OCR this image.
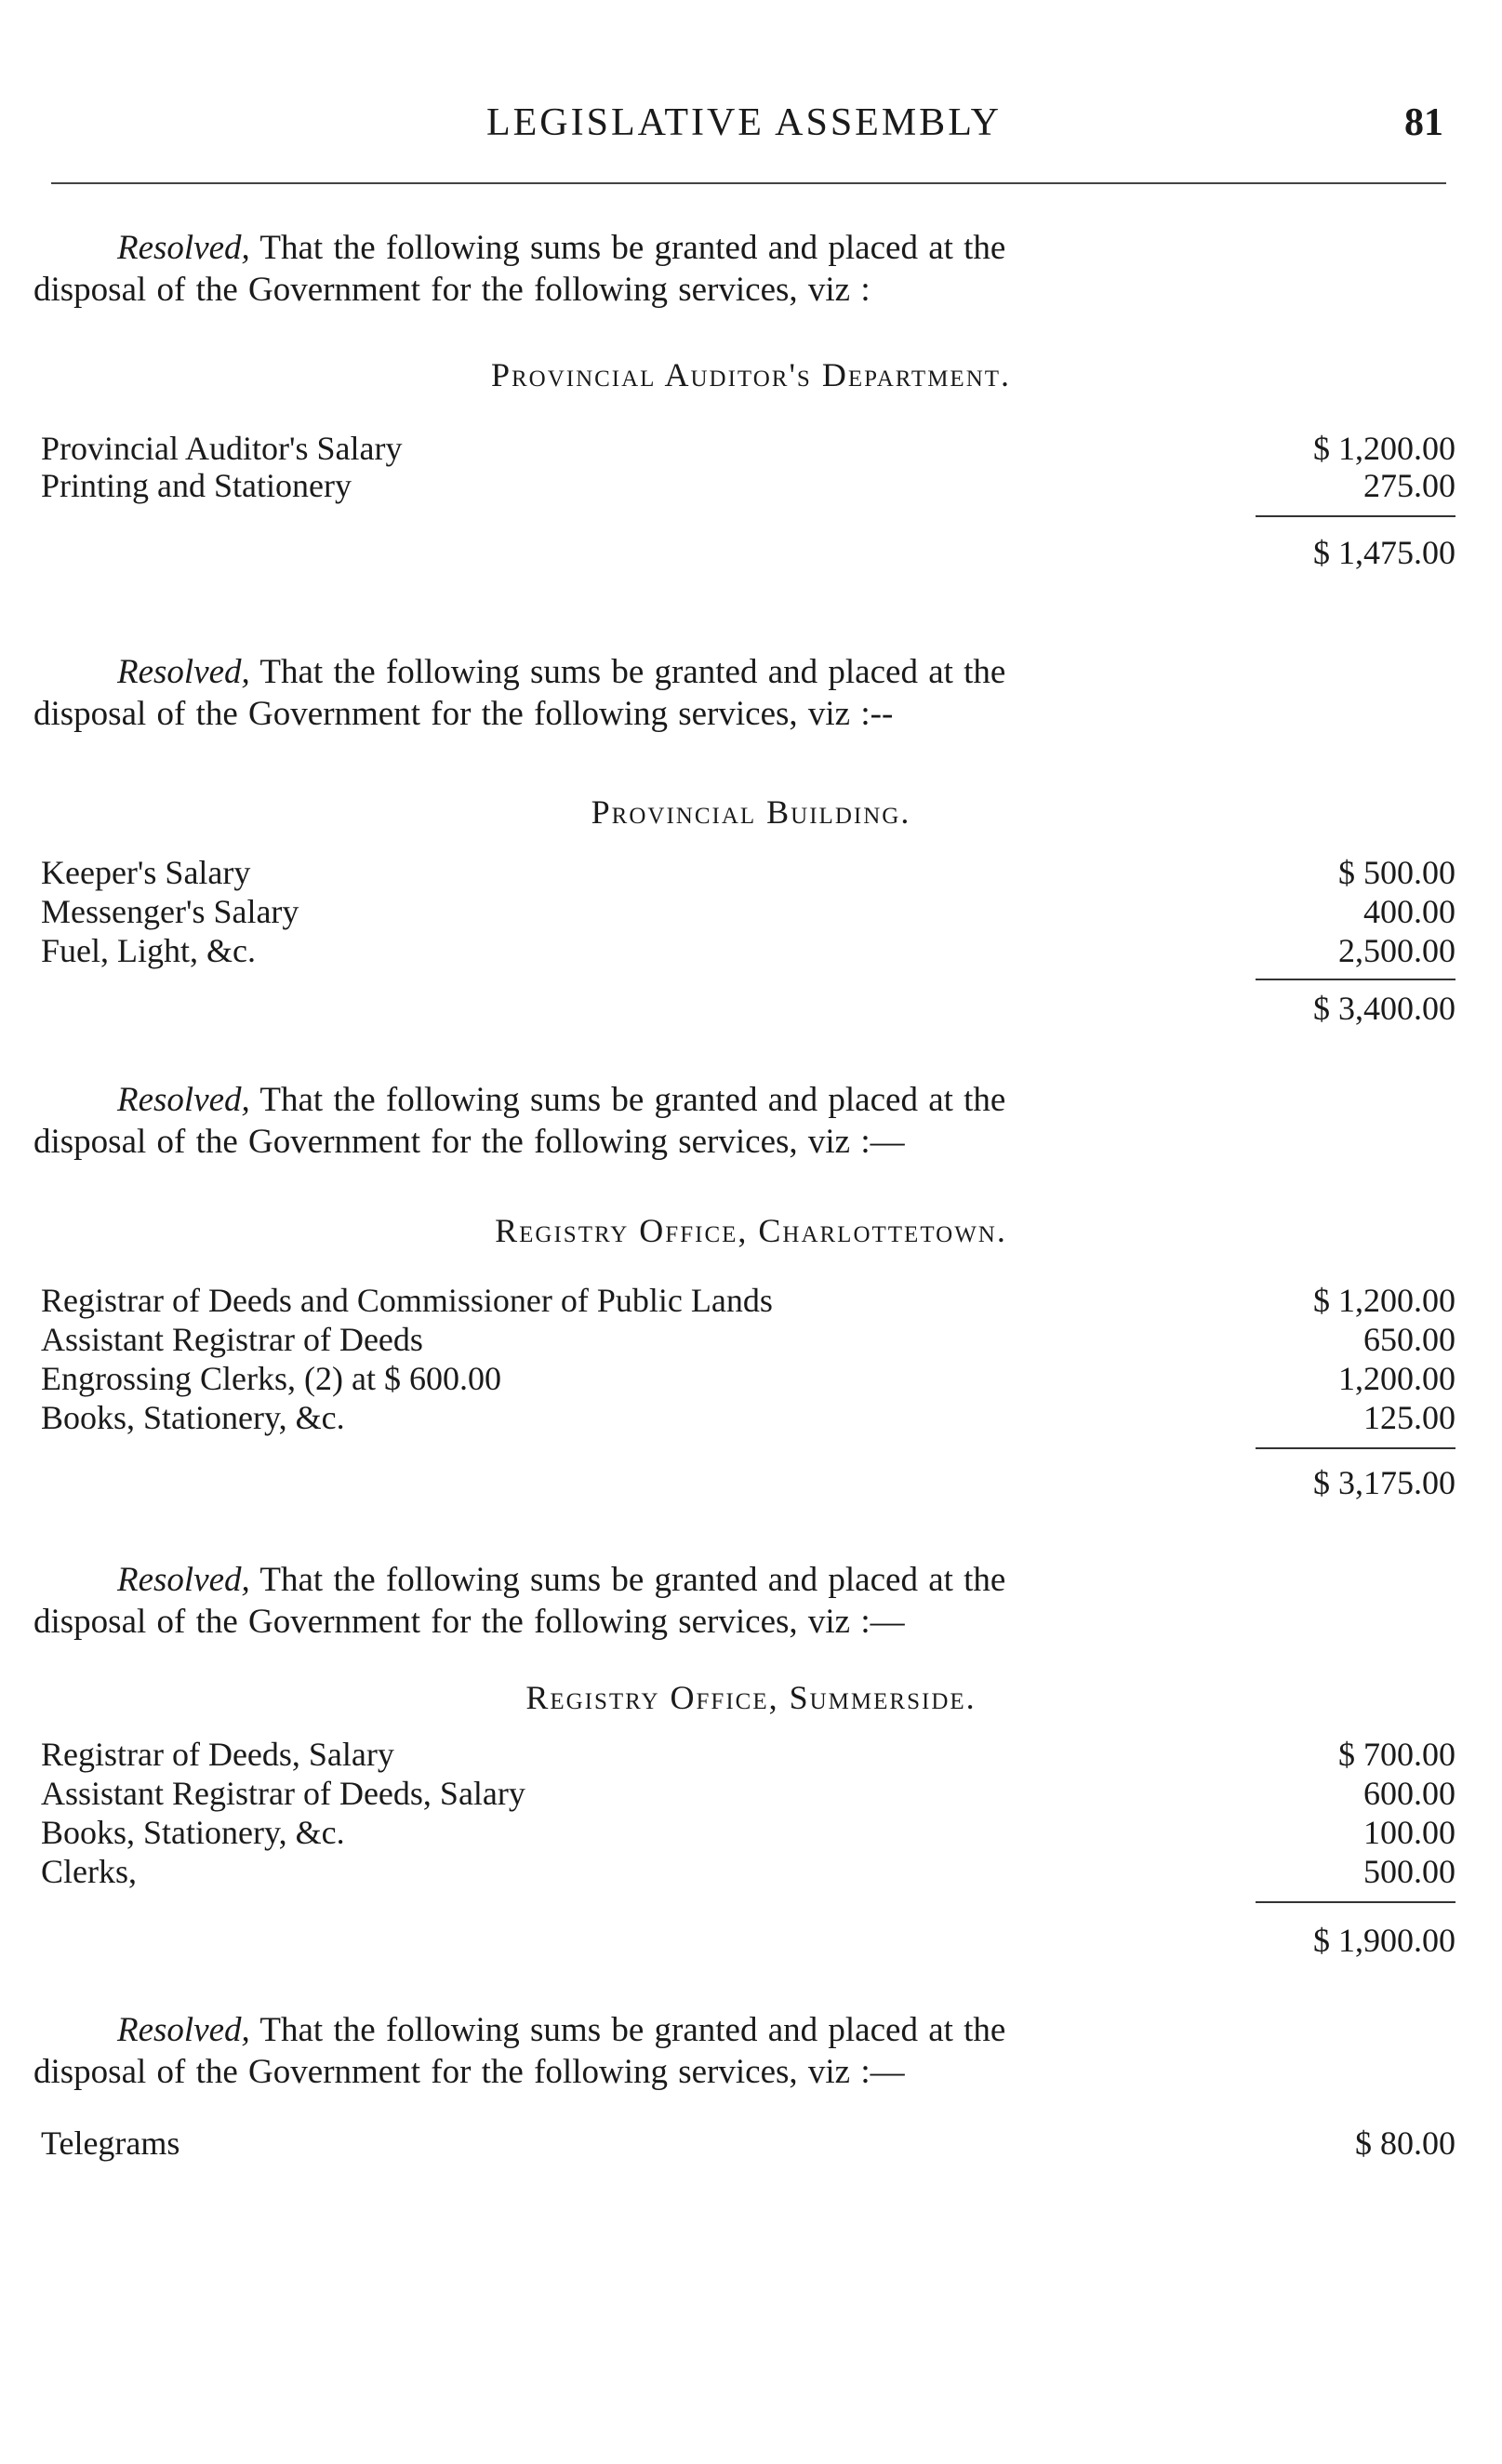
LEGISLATIVE ASSEMBLY	81
Resolved, That the following sums be granted and placed at the
disposal of the Government for the following services, viz :
Provincial Auditor's Department.
Provincial Auditor's Salary	$ 1,200.00
Printing and Stationery	275.00
$ 1,475.00
Resolved, That the following sums be granted and placed at the
disposal of the Government for the following services, viz :--
Provincial Building.
Keeper's Salary	$ 500.00
Messenger's Salary	400.00
Fuel, Light, &c.	2,500.00
$ 3,400.00
Resolved, That the following sums be granted and placed at the
disposal of the Government for the following services, viz :—
Registry Office, Charlottetown.
Registrar of Deeds and Commissioner of Public Lands	$ 1,200.00
Assistant Registrar of Deeds	650.00
Engrossing Clerks, (2) at $ 600.00	1,200.00
Books, Stationery, &c.	125.00
$ 3,175.00
Resolved, That the following sums be granted and placed at the
disposal of the Government for the following services, viz :—
Registry Office, Summerside.
Registrar of Deeds, Salary	$ 700.00
Assistant Registrar of Deeds, Salary	600.00
Books, Stationery, &c.	100.00
Clerks,	500.00
$ 1,900.00
Resolved, That the following sums be granted and placed at the
disposal of the Government for the following services, viz :—
Telegrams	$ 80.00
